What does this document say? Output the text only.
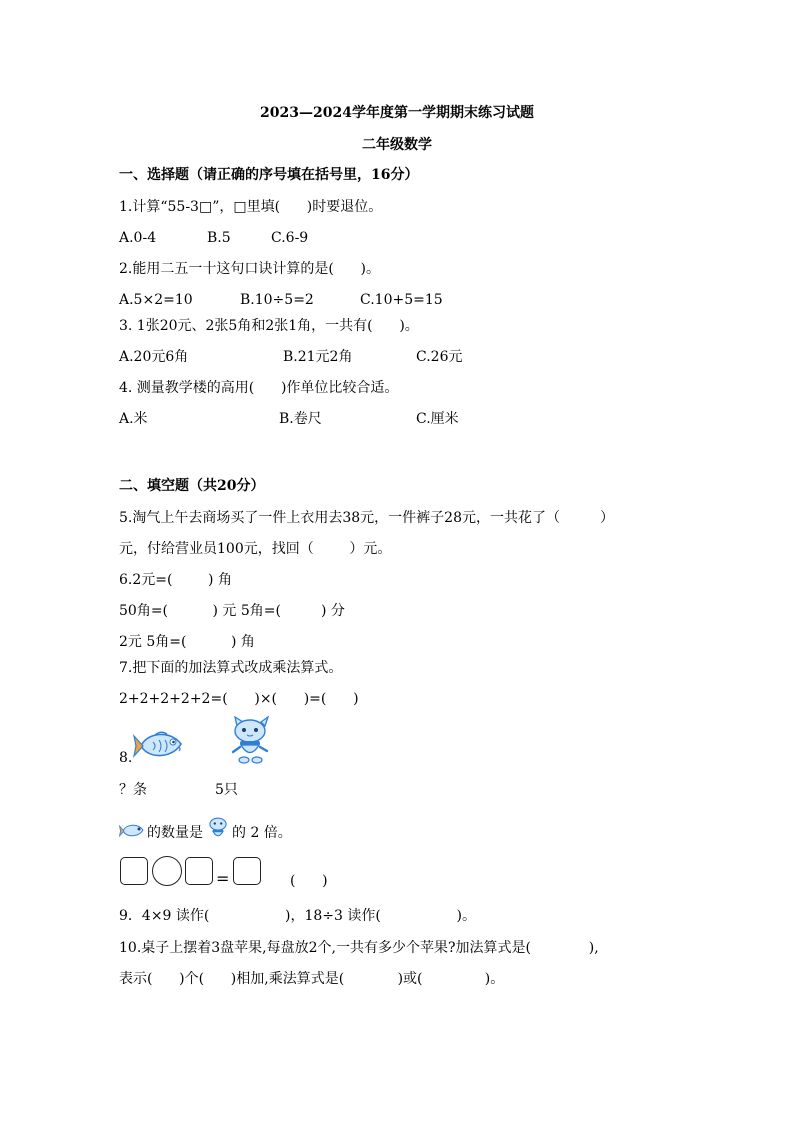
2023—2024学年度第一学期期末练习试题
二年级数学
一、选择题（请正确的序号填在括号里，16分）
1.计算“55-3□”，□里填(      )时要退位。

A.0-4

	B.5

	C.6-9

2.能用二五一十这句口诀计算的是(      )。

A.5×2=10

	B.10÷5=2

	C.10+5=15

3. 1张20元、2张5角和2张1角，一共有(      )。

A.20元6角

	B.21元2角

	C.26元

4. 测量教学楼的高用(      )作单位比较合适。

A.米

	B.卷尺

	C.厘米

二、填空题（共20分）
5.淘气上午去商场买了一件上衣用去38元，一件裤子28元，一共花了（         ）
元，付给营业员100元，找回（        ）元。
6.2元=(        ) 角
50角=(          ) 元 5角=(         ) 分
2元 5角=(          ) 角
7.把下面的加法算式改成乘法算式。
2+2+2+2+2=(      )×(      )=(      )
8.
？条	5只
的数量是 的 2 倍。
=	(      )
9．4×9 读作(                 )，18÷3 读作(                 )。
10.桌子上摆着3盘苹果,每盘放2个,一共有多少个苹果?加法算式是(             ),
表示(      )个(      )相加,乘法算式是(            )或(              )。
